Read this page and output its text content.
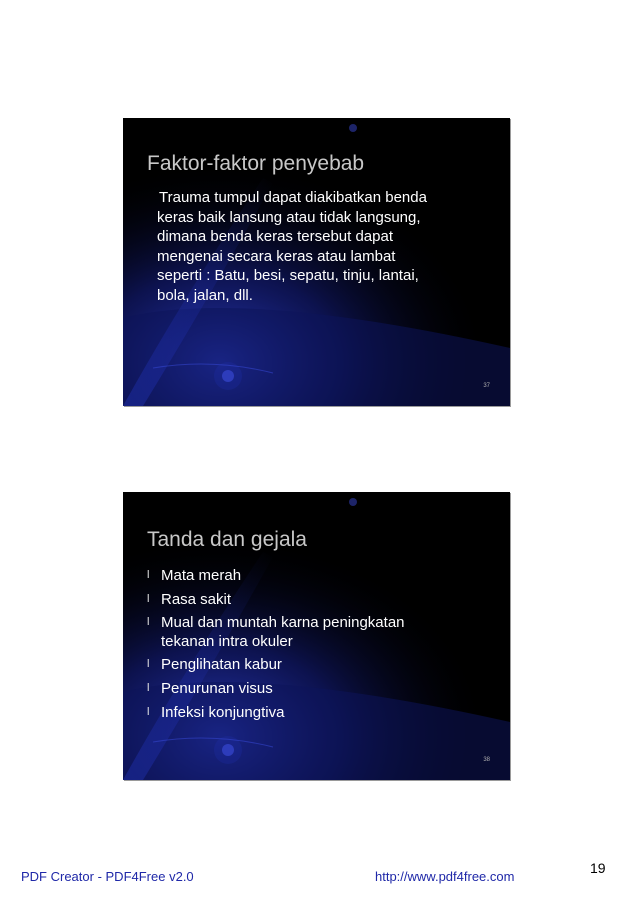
Faktor-faktor penyebab
Trauma tumpul dapat diakibatkan benda
keras baik lansung atau tidak langsung,
dimana benda keras tersebut dapat
mengenai secara keras atau lambat
seperti : Batu, besi, sepatu, tinju, lantai,
bola, jalan, dll.
37
Tanda dan gejala
l Mata merah
l Rasa sakit
l Mual dan muntah karna peningkatan
tekanan intra okuler
l Penglihatan kabur
l Penurunan visus
l Infeksi konjungtiva
38
PDF Creator - PDF4Free v2.0	http://www.pdf4free.com
19
